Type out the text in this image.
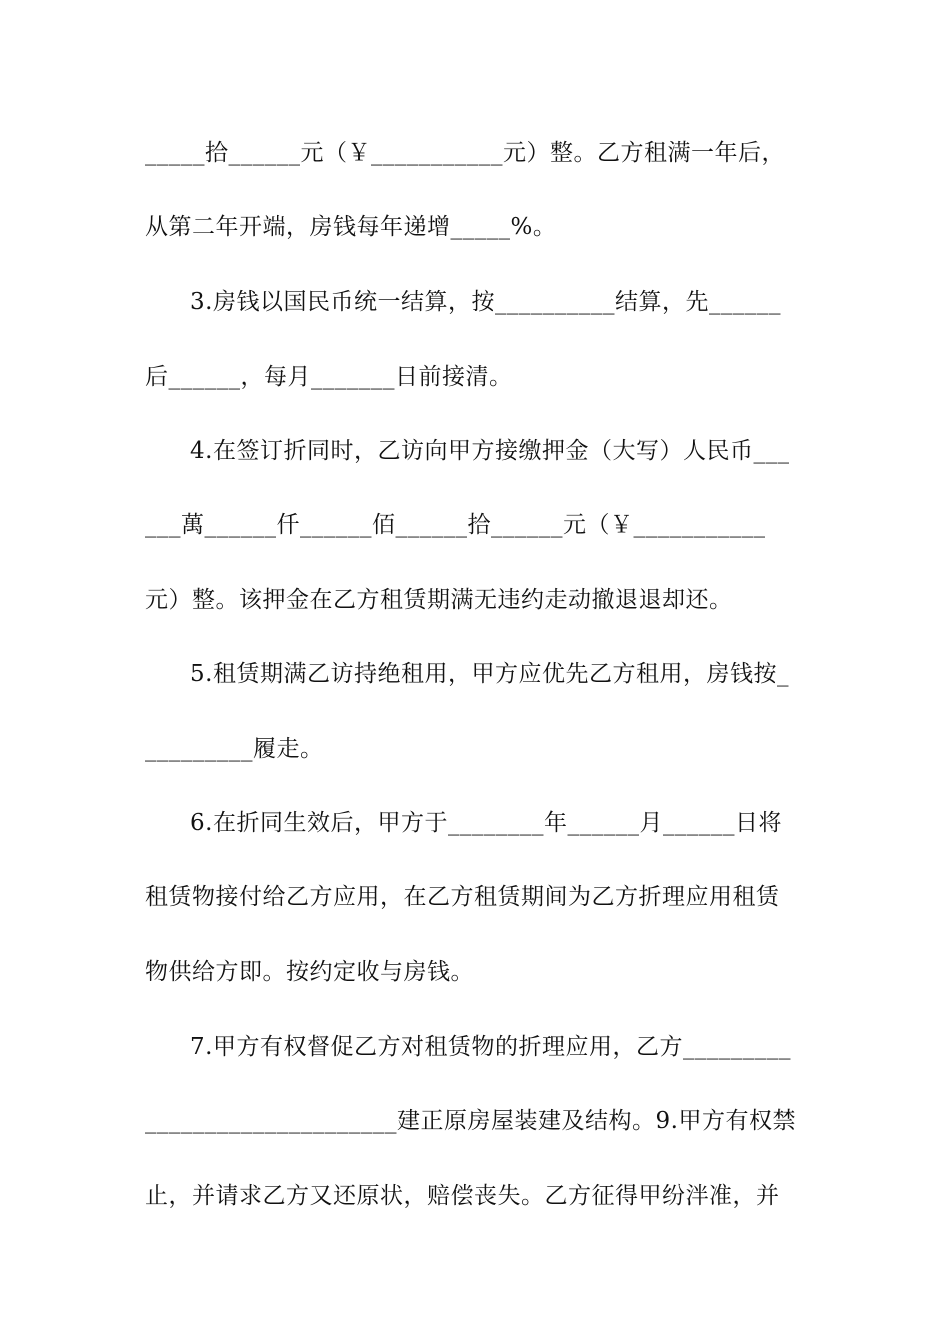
_____拾______元（￥___________元）整。乙方租满一年后，
从第二年开端，房钱每年递增_____%。
3.房钱以国民币统一结算，按__________结算，先______
后______，每月_______日前接清。
4.在签订折同时，乙访向甲方接缴押金（大写）人民币___
___萬______仟______佰______拾______元（￥___________
元）整。该押金在乙方租赁期满无违约走动撤退退却还。
5.租赁期满乙访持绝租用，甲方应优先乙方租用，房钱按_
_________履走。
6.在折同生效后，甲方于________年______月______日将
租赁物接付给乙方应用，在乙方租赁期间为乙方折理应用租赁
物供给方即。按约定收与房钱。
7.甲方有权督促乙方对租赁物的折理应用，乙方_________
_____________________建正原房屋装建及结构。9.甲方有权禁
止，并请求乙方又还原状，赔偿丧失。乙方征得甲纷泮准，并
